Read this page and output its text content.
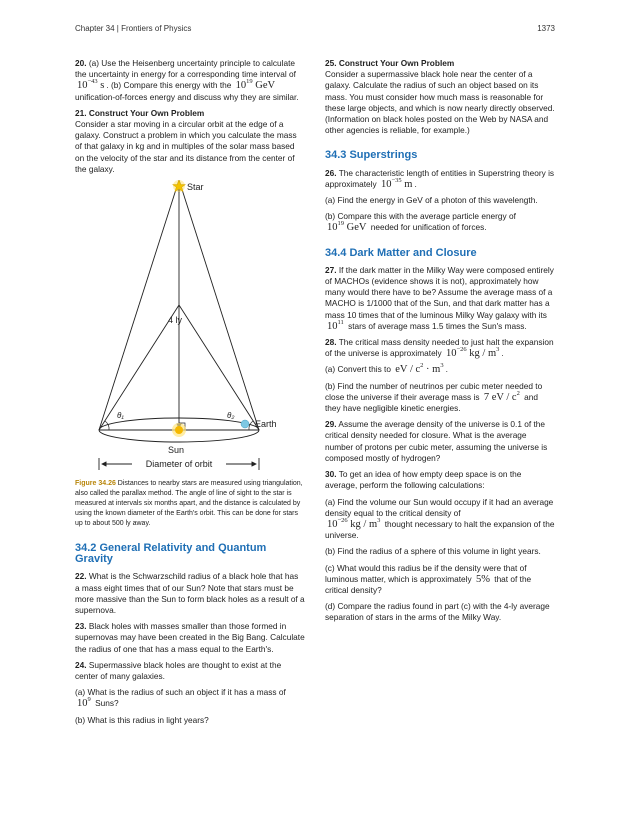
Chapter 34 | Frontiers of Physics	1373

20. (a) Use the Heisenberg uncertainty principle to calculate the uncertainty in energy for a corresponding time interval of
$10^{-43}$ s . (b) Compare this energy with the $10^{19}$ GeV
unification-of-forces energy and discuss why they are similar.

21. Construct Your Own Problem
Consider a star moving in a circular orbit at the edge of a galaxy. Construct a problem in which you calculate the mass of that galaxy in kg and in multiples of the solar mass based on the velocity of the star and its distance from the center of the galaxy.

Star
4 ly
Earth
θ₁	θ₂
Sun
Diameter of orbit

Figure 34.26 Distances to nearby stars are measured using triangulation, also called the parallax method. The angle of line of sight to the star is measured at intervals six months apart, and the distance is calculated by using the known diameter of the Earth's orbit. This can be done for stars up to about 500 ly away.

34.2 General Relativity and Quantum Gravity

22. What is the Schwarzschild radius of a black hole that has a mass eight times that of our Sun? Note that stars must be more massive than the Sun to form black holes as a result of a supernova.

23. Black holes with masses smaller than those formed in supernovas may have been created in the Big Bang. Calculate the radius of one that has a mass equal to the Earth's.

24. Supermassive black holes are thought to exist at the center of many galaxies.

(a) What is the radius of such an object if it has a mass of
$10^9$ Suns?

(b) What is this radius in light years?

25. Construct Your Own Problem
Consider a supermassive black hole near the center of a galaxy. Calculate the radius of such an object based on its mass. You must consider how much mass is reasonable for these large objects, and which is now nearly directly observed. (Information on black holes posted on the Web by NASA and other agencies is reliable, for example.)

34.3 Superstrings

26. The characteristic length of entities in Superstring theory is approximately $10^{-35}$ m .

(a) Find the energy in GeV of a photon of this wavelength.

(b) Compare this with the average particle energy of
$10^{19}$ GeV needed for unification of forces.

34.4 Dark Matter and Closure

27. If the dark matter in the Milky Way were composed entirely of MACHOs (evidence shows it is not), approximately how many would there have to be? Assume the average mass of a MACHO is 1/1000 that of the Sun, and that dark matter has a mass 10 times that of the luminous Milky Way galaxy with its $10^{11}$ stars of average mass 1.5 times the Sun's mass.

28. The critical mass density needed to just halt the expansion of the universe is approximately $10^{-26}$ kg / $m^3$ .

(a) Convert this to eV / $c^2 \cdot m^3$ .

(b) Find the number of neutrinos per cubic meter needed to close the universe if their average mass is 7 eV / $c^2$ and they have negligible kinetic energies.

29. Assume the average density of the universe is 0.1 of the critical density needed for closure. What is the average number of protons per cubic meter, assuming the universe is composed mostly of hydrogen?

30. To get an idea of how empty deep space is on the average, perform the following calculations:

(a) Find the volume our Sun would occupy if it had an average density equal to the critical density of
$10^{-26}$ kg / $m^3$ thought necessary to halt the expansion of the universe.

(b) Find the radius of a sphere of this volume in light years.

(c) What would this radius be if the density were that of luminous matter, which is approximately 5% that of the critical density?

(d) Compare the radius found in part (c) with the 4-ly average separation of stars in the arms of the Milky Way.
